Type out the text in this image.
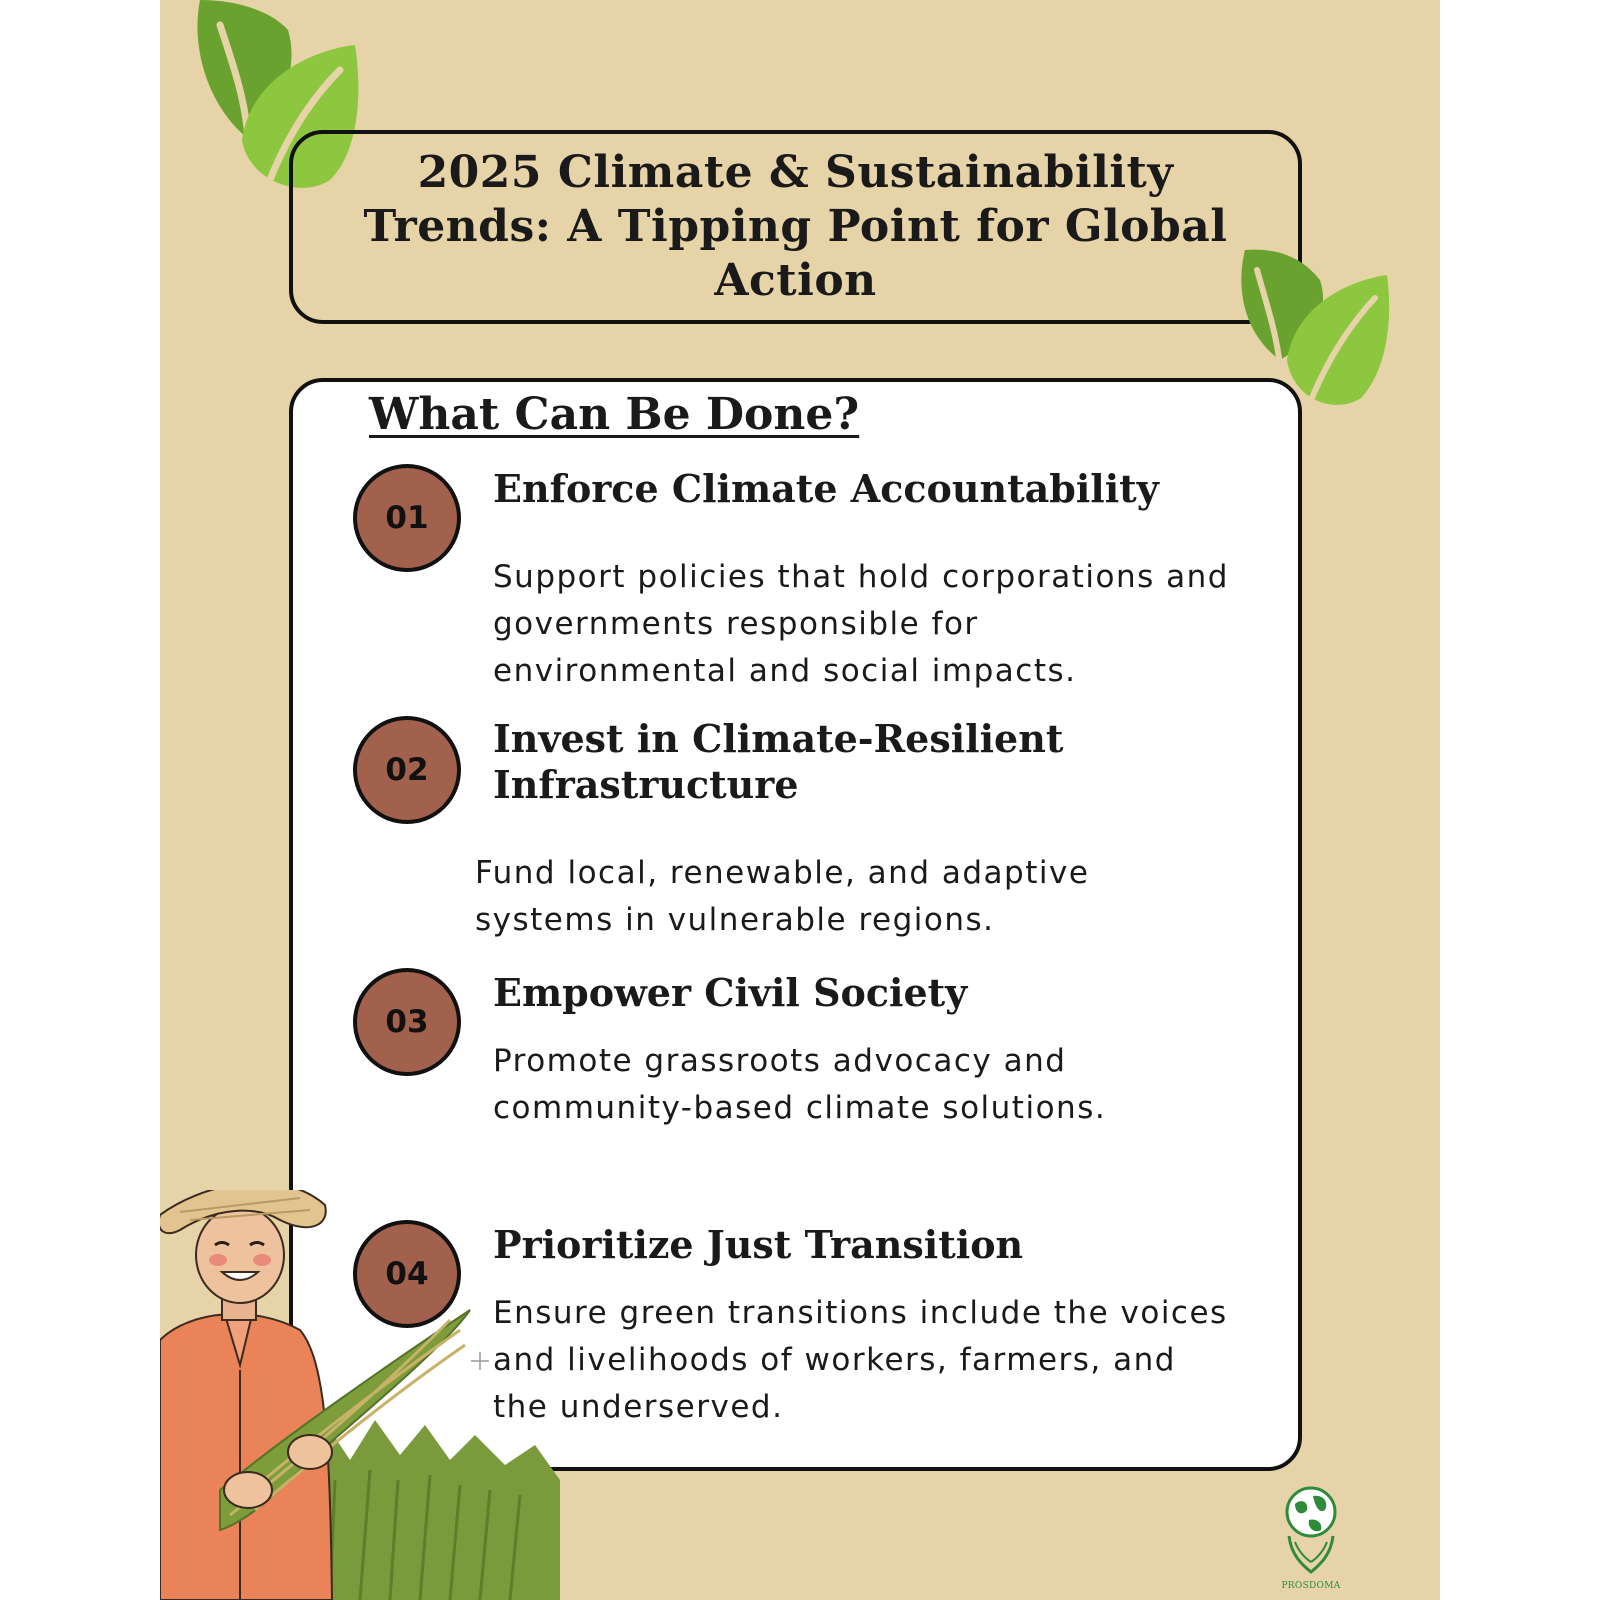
2025 Climate & Sustainability Trends: A Tipping Point for Global Action
What Can Be Done?
01
Enforce Climate Accountability
Support policies that hold corporations and governments responsible for environmental and social impacts.
02
Invest in Climate-Resilient Infrastructure
Fund local, renewable, and adaptive systems in vulnerable regions.
03
Empower Civil Society
Promote grassroots advocacy and community-based climate solutions.
04
Prioritize Just Transition
Ensure green transitions include the voices and livelihoods of workers, farmers, and the underserved.
PROSDOMA
